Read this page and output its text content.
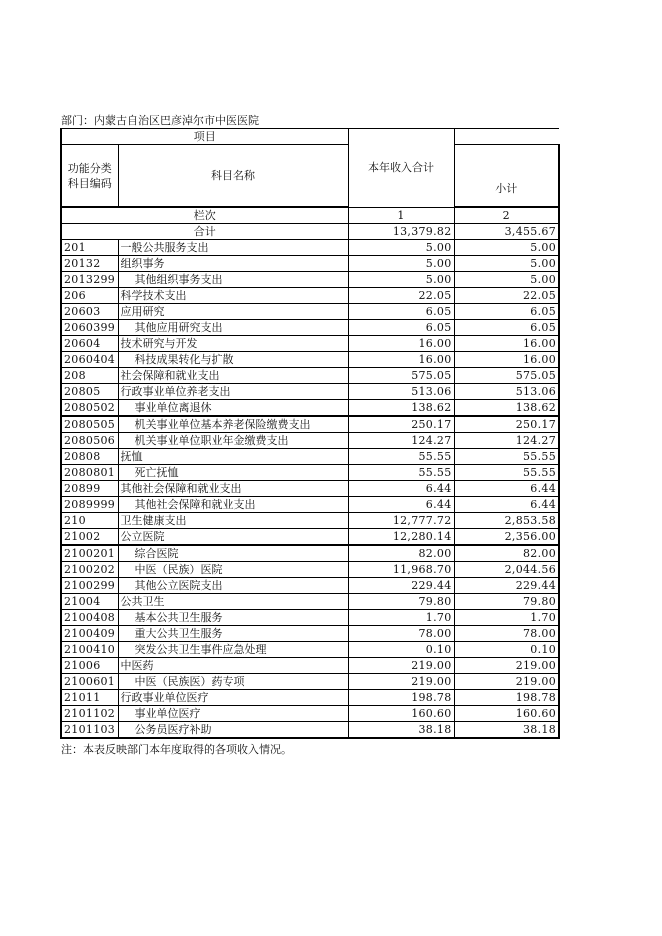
部门：内蒙古自治区巴彦淖尔市中医医院
项目		本年收入合计	
功能分类科目编码	科目名称		小计
栏次		1	2
合计		13,379.82	3,455.67
201	一般公共服务支出	5.00	5.00
20132	组织事务	5.00	5.00
2013299	其他组织事务支出	5.00	5.00
206	科学技术支出	22.05	22.05
20603	应用研究	6.05	6.05
2060399	其他应用研究支出	6.05	6.05
20604	技术研究与开发	16.00	16.00
2060404	科技成果转化与扩散	16.00	16.00
208	社会保障和就业支出	575.05	575.05
20805	行政事业单位养老支出	513.06	513.06
2080502	事业单位离退休	138.62	138.62
2080505	机关事业单位基本养老保险缴费支出	250.17	250.17
2080506	机关事业单位职业年金缴费支出	124.27	124.27
20808	抚恤	55.55	55.55
2080801	死亡抚恤	55.55	55.55
20899	其他社会保障和就业支出	6.44	6.44
2089999	其他社会保障和就业支出	6.44	6.44
210	卫生健康支出	12,777.72	2,853.58
21002	公立医院	12,280.14	2,356.00
2100201	综合医院	82.00	82.00
2100202	中医（民族）医院	11,968.70	2,044.56
2100299	其他公立医院支出	229.44	229.44
21004	公共卫生	79.80	79.80
2100408	基本公共卫生服务	1.70	1.70
2100409	重大公共卫生服务	78.00	78.00
2100410	突发公共卫生事件应急处理	0.10	0.10
21006	中医药	219.00	219.00
2100601	中医（民族医）药专项	219.00	219.00
21011	行政事业单位医疗	198.78	198.78
2101102	事业单位医疗	160.60	160.60
2101103	公务员医疗补助	38.18	38.18
注：本表反映部门本年度取得的各项收入情况。
